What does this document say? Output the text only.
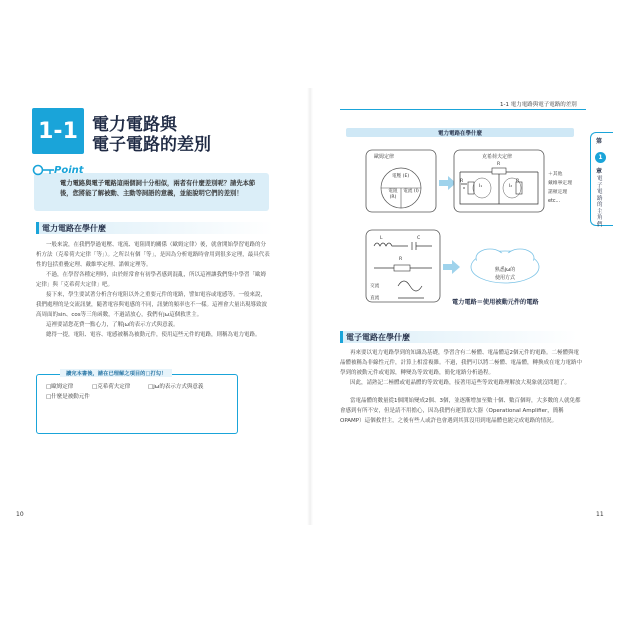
1-1 電力電路與
電子電路的差別
Point
電力電路與電子電路這兩個詞十分相似，兩者有什麼差別呢？請先本節後，您將能了解被動、主動等詞語的意義，並能說明它們的差別！
電力電路在學什麼

一般來說，在我們學過電壓、電流、電阻間的關係（歐姆定律）後，就會開始學習電路的分析方法（克希荷夫定律「等」）。之所以有個「等」，是因為分析電路時會用到很多定理，最具代表性的包括重疊定理、戴維寧定理、諾頓定理等。

不過，在學習各種定理時，由於經常會有初學者感到混亂，所以這裡讓我們集中學習「歐姆定律」與「克希荷夫定律」吧。

接下來，學生要試著分析含有電阻以外之重要元件的電路，譬如電容或電感等。一般來說，我們處理的是交流訊號，隨著電容與電感的不同，訊號的頻率也不一樣。這裡會大量出現導致波高周面的sin、cos等三角函數，不過請放心，我們有jω這個救世主。

這裡要請您花費一點心力，了解jω的表示方式與意義。

總得一提，電阻、電容、電感被稱為被動元件，使用這些元件的電路，則稱為電力電路。

讀完本書後，請在已理解之項目的□打勾！
□歐姆定律	□克希荷夫定律	□jω的表示方式與意義
□什麼是被動元件
10
1-1 電力電路與電子電路的差別
第
1
章
電子電路的主角們
電力電路在學什麼
歐姆定律
電壓 (E)
電阻 (R)
電流 (I)
克希荷夫定律
R
R	R
I₁	I₂
＋其他
戴維寧定理
諾頓定理
etc...
L	C
R
交流
直流
熟悉jω的
使用方式
電力電路＝使用被動元件的電路
電子電路在學什麼

再來要以電力電路學到的知識為基礎，學習含有二極體、電晶體這2個元件的電路。二極體與電晶體被稱為非線性元件，計算上相當複雜。不過，我們可以將二極體、電晶體，轉換成在電力電路中學到的被動元件或電源，轉變為等效電路，簡化電路分析過程。

因此，請熟記二極體或電晶體的等效電路，接著用這些等效電路理解放大現象就沒問題了。

當電晶體的數量從1個開始變成2個、3個，並逐漸增加至數十個、數百個時，大多數的人就免都會感到有所不安，但是請不用擔心，因為我們有運算放大器（Operational Amplifier，簡稱OPAMP）這個救世主，之後有些人或許也會遇到其算沒用到電晶體也能完成電路的情況。

11
